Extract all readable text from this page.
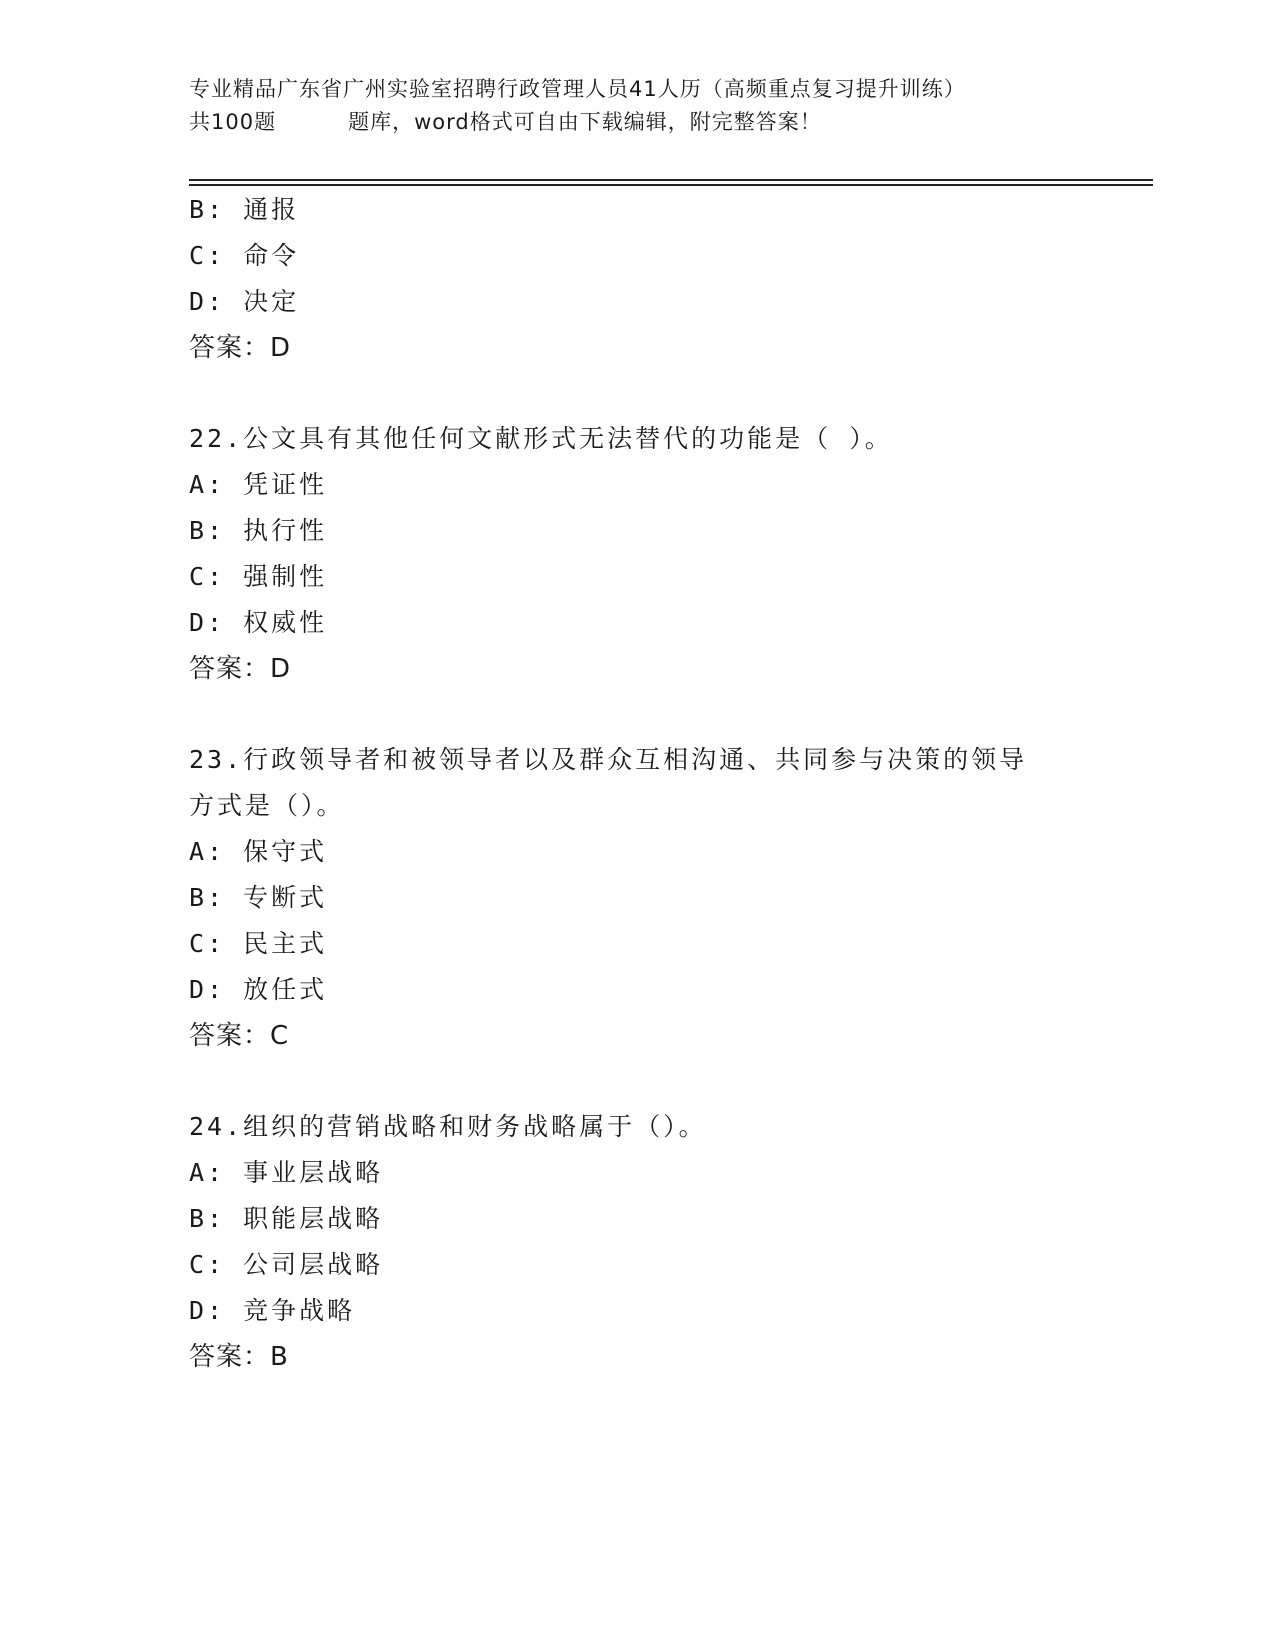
专业精品广东省广州实验室招聘行政管理人员41人历（高频重点复习提升训练）
共100题	题库，word格式可自由下载编辑，附完整答案！
B: 通报
C: 命令
D: 决定
答案：D
22.公文具有其他任何文献形式无法替代的功能是（ ）。
A: 凭证性
B: 执行性
C: 强制性
D: 权威性
答案：D
23.行政领导者和被领导者以及群众互相沟通、共同参与决策的领导方式是（）。
A: 保守式
B: 专断式
C: 民主式
D: 放任式
答案：C
24.组织的营销战略和财务战略属于（）。
A: 事业层战略
B: 职能层战略
C: 公司层战略
D: 竞争战略
答案：B
